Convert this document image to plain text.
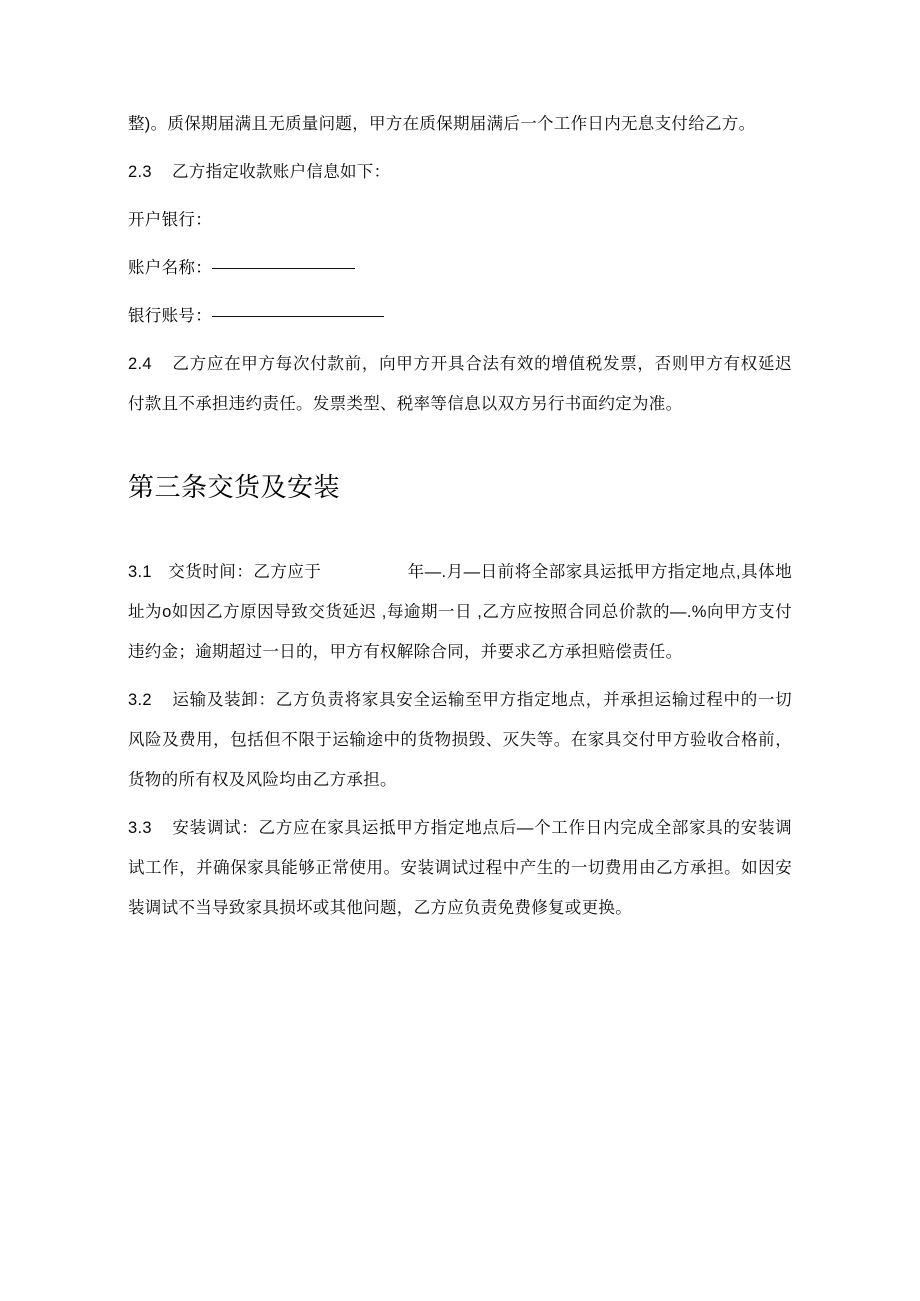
整)。质保期届满且无质量问题，甲方在质保期届满后一个工作日内无息支付给乙方。

2.3 乙方指定收款账户信息如下：

开户银行：

账户名称：

银行账号：

2.4 乙方应在甲方每次付款前，向甲方开具合法有效的增值税发票，否则甲方有权延迟付款且不承担违约责任。发票类型、税率等信息以双方另行书面约定为准。

第三条交货及安装

3.1 交货时间：乙方应于	年—.月—日前将全部家具运抵甲方指定地点,具体地址为o如因乙方原因导致交货延迟 ,每逾期一日 ,乙方应按照合同总价款的—.%向甲方支付违约金；逾期超过一日的，甲方有权解除合同，并要求乙方承担赔偿责任。

3.2 运输及装卸：乙方负责将家具安全运输至甲方指定地点，并承担运输过程中的一切风险及费用，包括但不限于运输途中的货物损毁、灭失等。在家具交付甲方验收合格前，货物的所有权及风险均由乙方承担。

3.3 安装调试：乙方应在家具运抵甲方指定地点后—个工作日内完成全部家具的安装调试工作，并确保家具能够正常使用。安装调试过程中产生的一切费用由乙方承担。如因安装调试不当导致家具损坏或其他问题，乙方应负责免费修复或更换。
